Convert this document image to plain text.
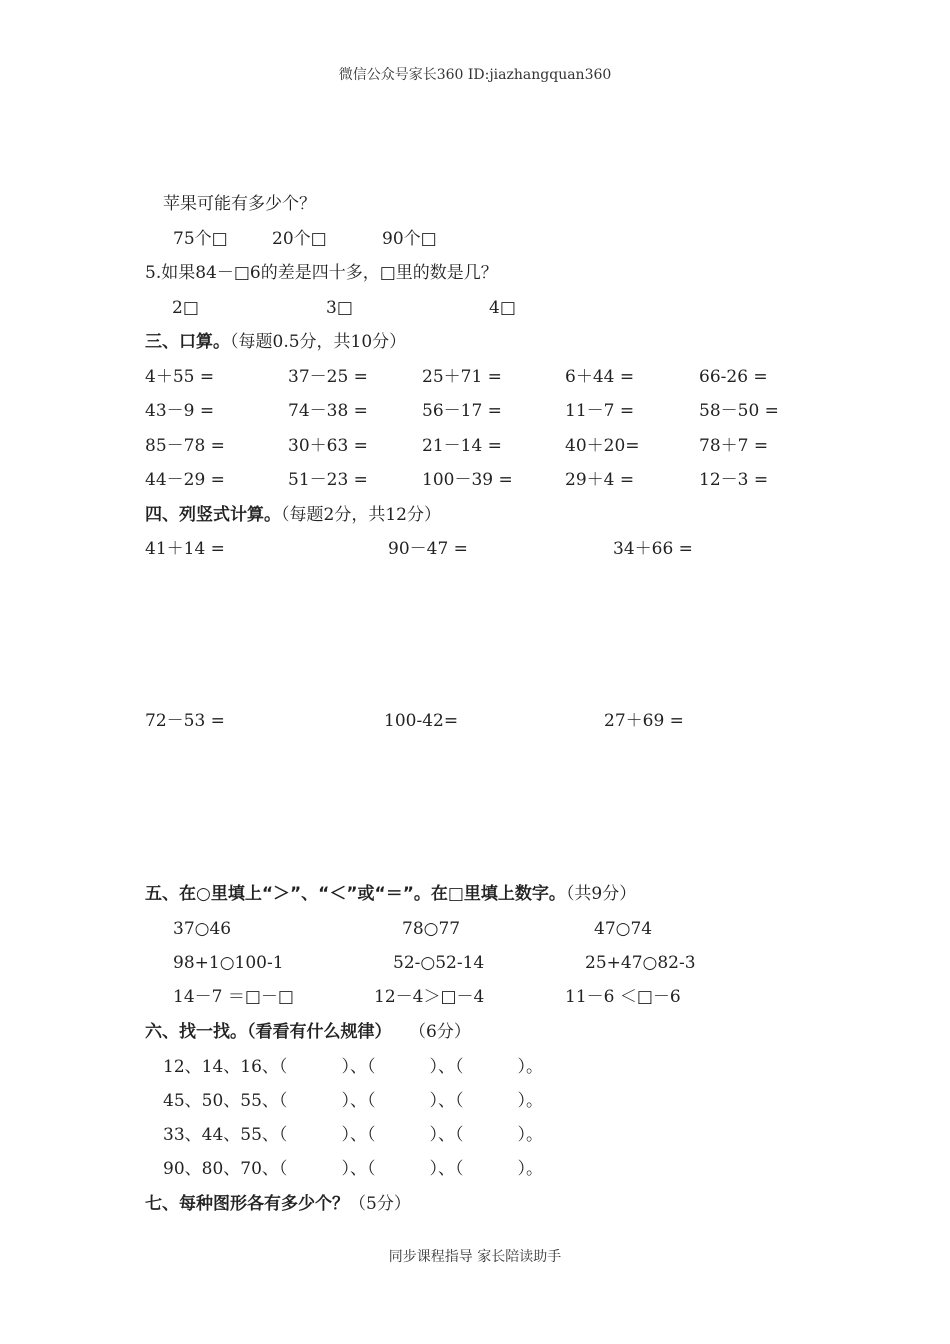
微信公众号家长360 ID:jiazhangquan360
苹果可能有多少个？
75个□	20个□	90个□
5.如果84－□6的差是四十多，□里的数是几？
2□	3□	4□
三、口算。（每题0.5分，共10分）
4＋55 =	37－25 =	25＋71 =	6＋44 =	66-26 =
43－9 =	74－38 =	56－17 =	11－7 =	58－50 =
85－78 =	30＋63 =	21－14 =	40＋20=	78＋7 =
44－29 =	51－23 =	100－39 =	29＋4 =	12－3 =
四、列竖式计算。（每题2分，共12分）
41＋14 =	90－47 =	34＋66 =
72－53 =	100-42=	27＋69 =
五、在○里填上“＞”、“＜”或“＝”。在□里填上数字。（共9分）
37○46	78○77	47○74
98+1○100-1	52-○52-14	25+47○82-3
14－7 ＝□－□	12－4＞□－4	11－6 ＜□－6
六、找一找。（看看有什么规律） （6分）
12、14、16、（          ）、（          ）、（          ）。
45、50、55、（          ）、（          ）、（          ）。
33、44、55、（          ）、（          ）、（          ）。
90、80、70、（          ）、（          ）、（          ）。
七、每种图形各有多少个？（5分）
同步课程指导 家长陪读助手
